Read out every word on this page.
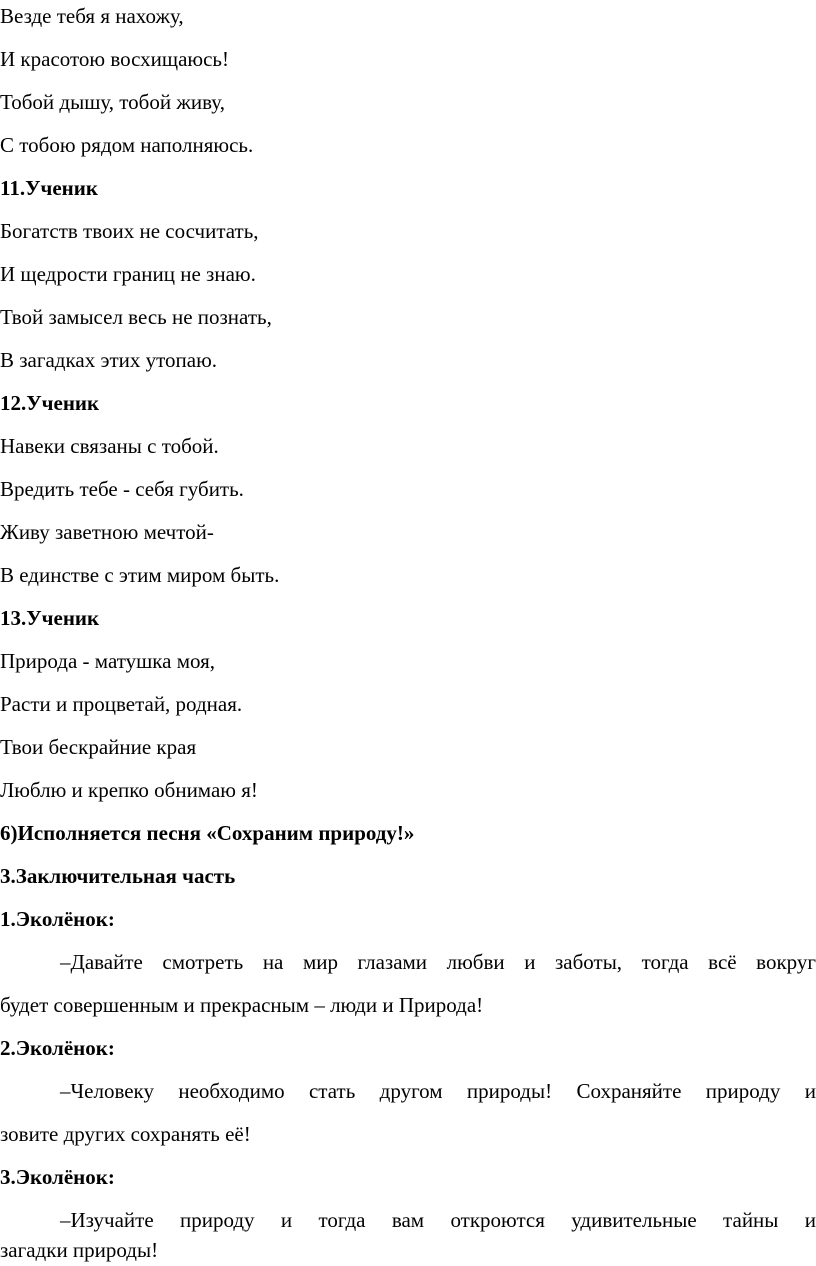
Везде тебя я нахожу,
И красотою восхищаюсь!
Тобой дышу, тобой живу,
С тобою рядом наполняюсь.
11.Ученик
Богатств твоих не сосчитать,
И щедрости границ не знаю.
Твой замысел весь не познать,
В загадках этих утопаю.
12.Ученик
Навеки связаны с тобой.
Вредить тебе - себя губить.
Живу заветною мечтой-
В единстве с этим миром быть.
13.Ученик
Природа - матушка моя,
Расти и процветай, родная.
Твои бескрайние края
Люблю и крепко обнимаю я!
6)Исполняется песня «Сохраним природу!»
3.Заключительная часть
1.Эколёнок:
–Давайте смотреть на мир глазами любви и заботы, тогда всё вокруг
будет совершенным и прекрасным – люди и Природа!
2.Эколёнок:
–Человеку необходимо стать другом природы! Сохраняйте природу и
зовите других сохранять её!
3.Эколёнок:
–Изучайте природу и тогда вам откроются удивительные тайны и
загадки природы!
